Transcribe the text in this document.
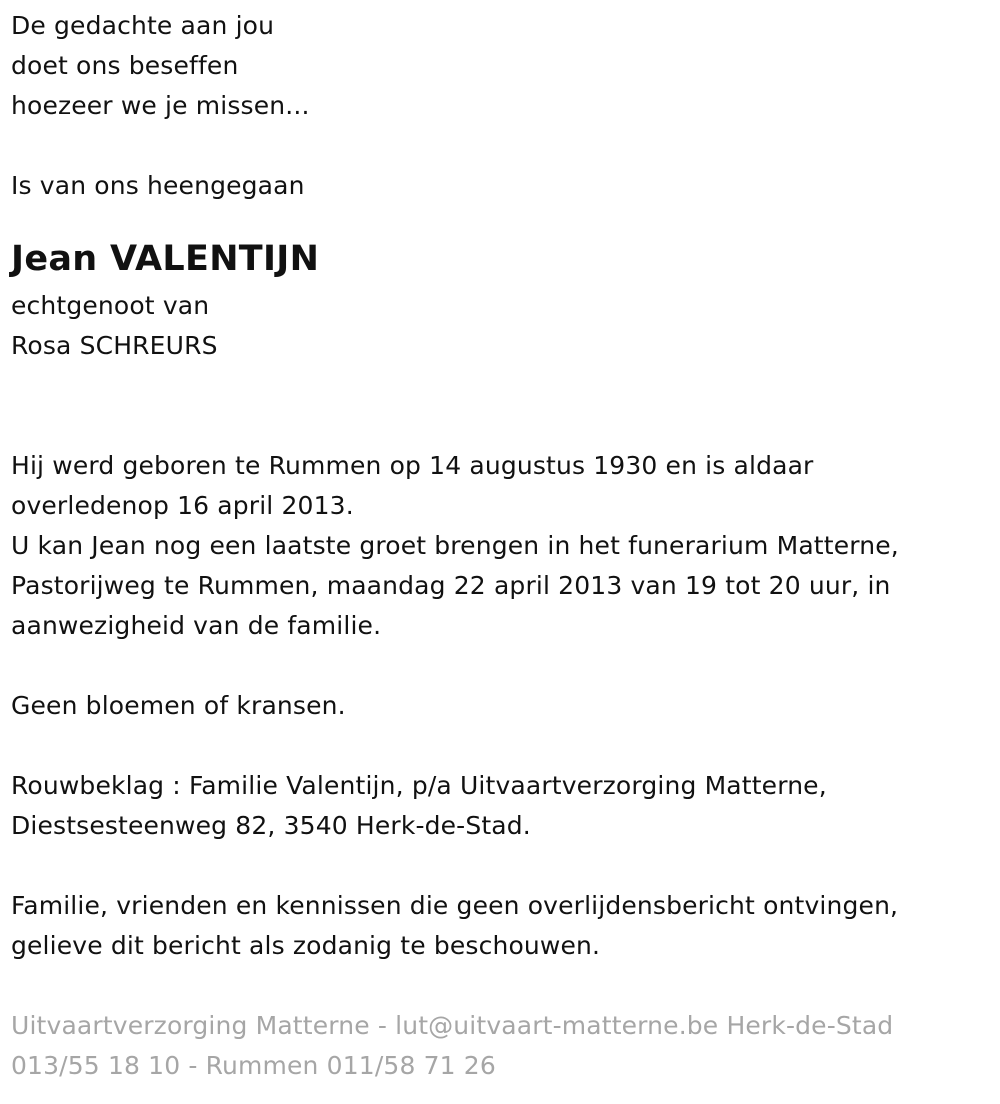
De gedachte aan jou
doet ons beseffen
hoezeer we je missen...
Is van ons heengegaan
Jean VALENTIJN
echtgenoot van
Rosa SCHREURS
Hij werd geboren te Rummen op 14 augustus 1930 en is aldaar
overledenop 16 april 2013.
U kan Jean nog een laatste groet brengen in het funerarium Matterne,
Pastorijweg te Rummen, maandag 22 april 2013 van 19 tot 20 uur, in
aanwezigheid van de familie.
Geen bloemen of kransen.
Rouwbeklag : Familie Valentijn, p/a Uitvaartverzorging Matterne,
Diestsesteenweg 82, 3540 Herk-de-Stad.
Familie, vrienden en kennissen die geen overlijdensbericht ontvingen,
gelieve dit bericht als zodanig te beschouwen.
Uitvaartverzorging Matterne - lut@uitvaart-matterne.be Herk-de-Stad
013/55 18 10 - Rummen 011/58 71 26
